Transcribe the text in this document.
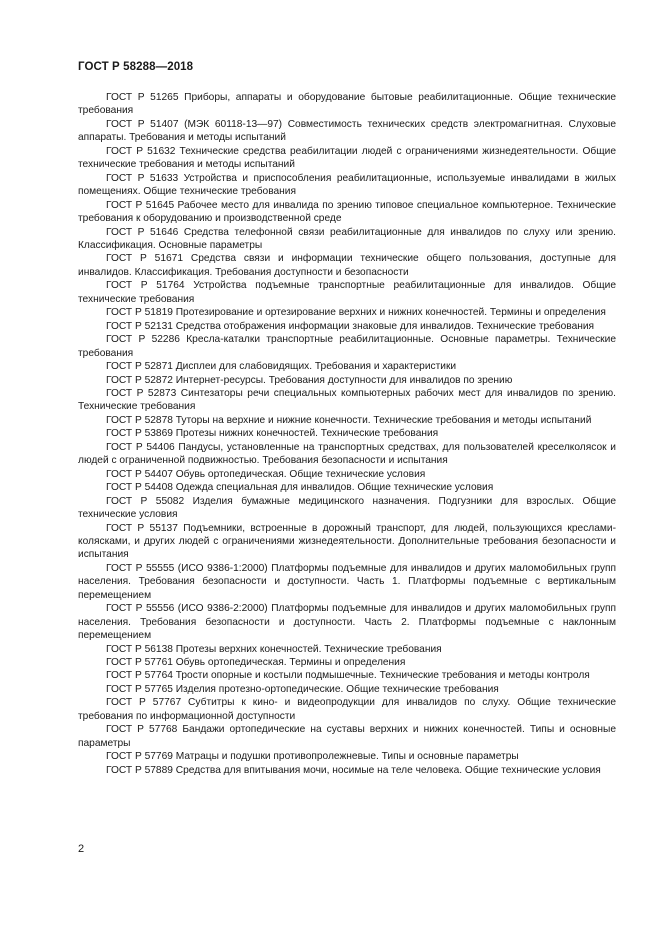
ГОСТ Р 58288—2018

ГОСТ Р 51265 Приборы, аппараты и оборудование бытовые реабилитационные. Общие технические требования

ГОСТ Р 51407 (МЭК 60118-13—97) Совместимость технических средств электромагнитная. Слуховые аппараты. Требования и методы испытаний

ГОСТ Р 51632 Технические средства реабилитации людей с ограничениями жизнедеятельности. Общие технические требования и методы испытаний

ГОСТ Р 51633 Устройства и приспособления реабилитационные, используемые инвалидами в жилых помещениях. Общие технические требования

ГОСТ Р 51645 Рабочее место для инвалида по зрению типовое специальное компьютерное. Технические требования к оборудованию и производственной среде

ГОСТ Р 51646 Средства телефонной связи реабилитационные для инвалидов по слуху или зрению. Классификация. Основные параметры

ГОСТ Р 51671 Средства связи и информации технические общего пользования, доступные для инвалидов. Классификация. Требования доступности и безопасности

ГОСТ Р 51764 Устройства подъемные транспортные реабилитационные для инвалидов. Общие технические требования

ГОСТ Р 51819 Протезирование и ортезирование верхних и нижних конечностей. Термины и определения

ГОСТ Р 52131 Средства отображения информации знаковые для инвалидов. Технические требования

ГОСТ Р 52286 Кресла-каталки транспортные реабилитационные. Основные параметры. Технические требования

ГОСТ Р 52871 Дисплеи для слабовидящих. Требования и характеристики

ГОСТ Р 52872 Интернет-ресурсы. Требования доступности для инвалидов по зрению

ГОСТ Р 52873 Синтезаторы речи специальных компьютерных рабочих мест для инвалидов по зрению. Технические требования

ГОСТ Р 52878 Туторы на верхние и нижние конечности. Технические требования и методы испытаний

ГОСТ Р 53869 Протезы нижних конечностей. Технические требования

ГОСТ Р 54406 Пандусы, установленные на транспортных средствах, для пользователей креселколясок и людей с ограниченной подвижностью. Требования безопасности и испытания

ГОСТ Р 54407 Обувь ортопедическая. Общие технические условия

ГОСТ Р 54408 Одежда специальная для инвалидов. Общие технические условия

ГОСТ Р 55082 Изделия бумажные медицинского назначения. Подгузники для взрослых. Общие технические условия

ГОСТ Р 55137 Подъемники, встроенные в дорожный транспорт, для людей, пользующихся креслами-колясками, и других людей с ограничениями жизнедеятельности. Дополнительные требования безопасности и испытания

ГОСТ Р 55555 (ИСО 9386-1:2000) Платформы подъемные для инвалидов и других маломобильных групп населения. Требования безопасности и доступности. Часть 1. Платформы подъемные с вертикальным перемещением

ГОСТ Р 55556 (ИСО 9386-2:2000) Платформы подъемные для инвалидов и других маломобильных групп населения. Требования безопасности и доступности. Часть 2. Платформы подъемные с наклонным перемещением

ГОСТ Р 56138 Протезы верхних конечностей. Технические требования

ГОСТ Р 57761 Обувь ортопедическая. Термины и определения

ГОСТ Р 57764 Трости опорные и костыли подмышечные. Технические требования и методы контроля

ГОСТ Р 57765 Изделия протезно-ортопедические. Общие технические требования

ГОСТ Р 57767 Субтитры к кино- и видеопродукции для инвалидов по слуху. Общие технические требования по информационной доступности

ГОСТ Р 57768 Бандажи ортопедические на суставы верхних и нижних конечностей. Типы и основные параметры

ГОСТ Р 57769 Матрацы и подушки противопролежневые. Типы и основные параметры

ГОСТ Р 57889 Средства для впитывания мочи, носимые на теле человека. Общие технические условия

2
